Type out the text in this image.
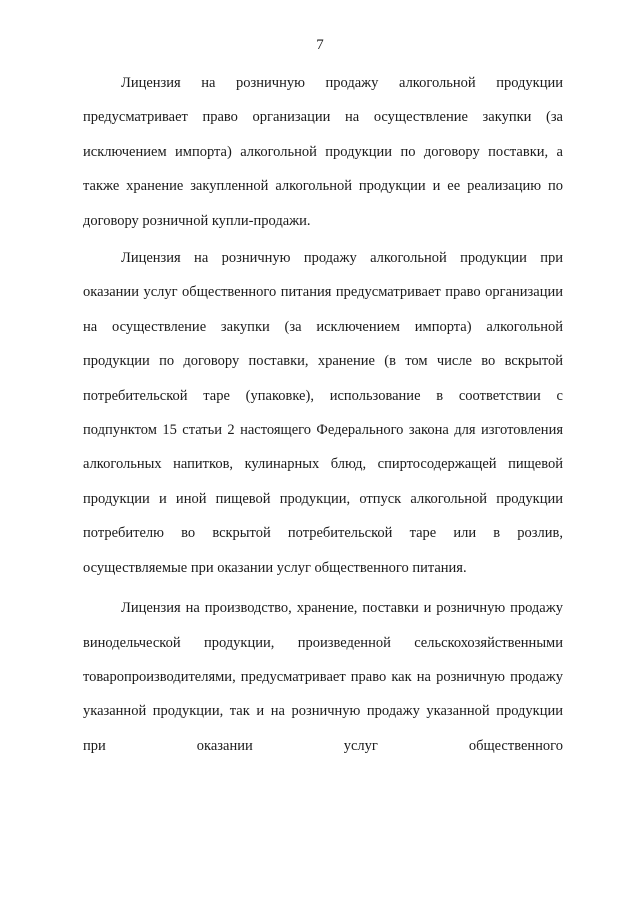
7

Лицензия на розничную продажу алкогольной продукции предусматривает право организации на осуществление закупки (за исключением импорта) алкогольной продукции по договору поставки, а также хранение закупленной алкогольной продукции и ее реализацию по договору розничной купли-продажи.

Лицензия на розничную продажу алкогольной продукции при оказании услуг общественного питания предусматривает право организации на осуществление закупки (за исключением импорта) алкогольной продукции по договору поставки, хранение (в том числе во вскрытой потребительской таре (упаковке), использование в соответствии с подпунктом 15 статьи 2 настоящего Федерального закона для изготовления алкогольных напитков, кулинарных блюд, спиртосодержащей пищевой продукции и иной пищевой продукции, отпуск алкогольной продукции потребителю во вскрытой потребительской таре или в розлив, осуществляемые при оказании услуг общественного питания.

Лицензия на производство, хранение, поставки и розничную продажу винодельческой продукции, произведенной сельскохозяйственными товаропроизводителями, предусматривает право как на розничную продажу указанной продукции, так и на розничную продажу указанной продукции при оказании услуг общественного
